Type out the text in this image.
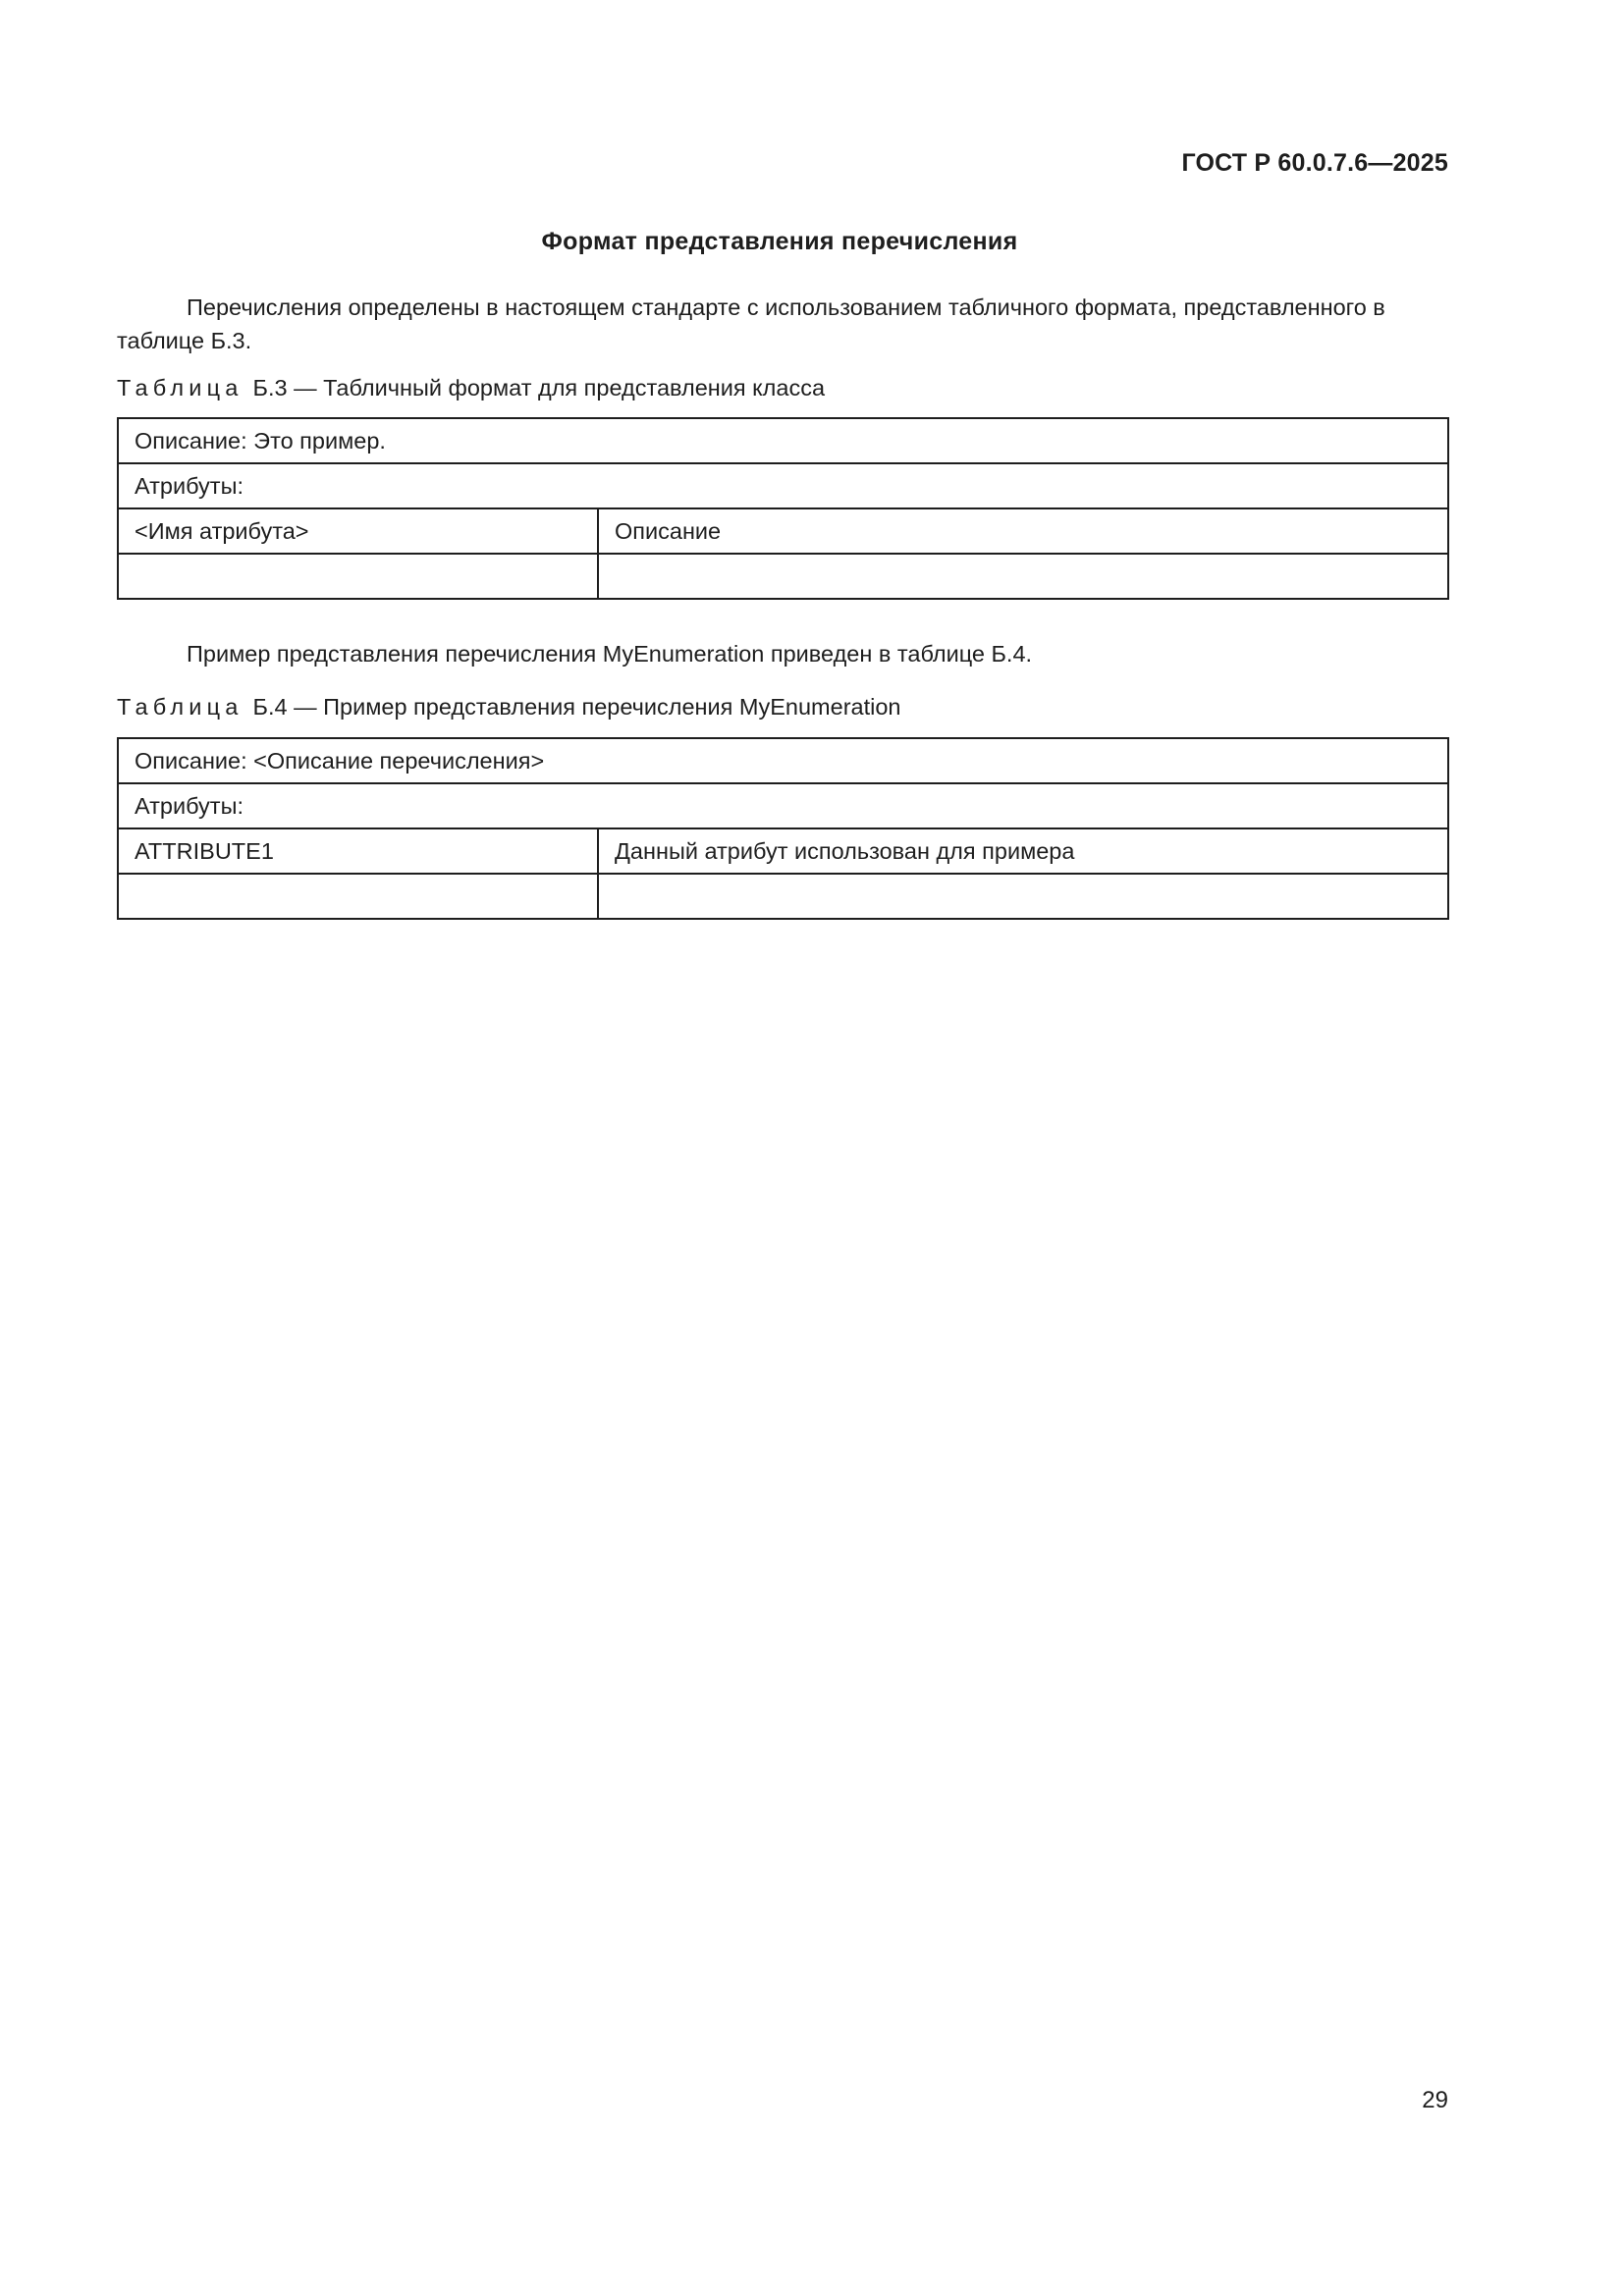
ГОСТ Р 60.0.7.6—2025
Формат представления перечисления
Перечисления определены в настоящем стандарте с использованием табличного формата, представленного в таблице Б.3.
Таблица Б.3 — Табличный формат для представления класса
Описание: Это пример.	
Атрибуты:	
<Имя атрибута>	Описание

Пример представления перечисления MyEnumeration приведен в таблице Б.4.
Таблица Б.4 — Пример представления перечисления MyEnumeration
Описание: <Описание перечисления>	
Атрибуты:	
ATTRIBUTE1	Данный атрибут использован для примера

29
